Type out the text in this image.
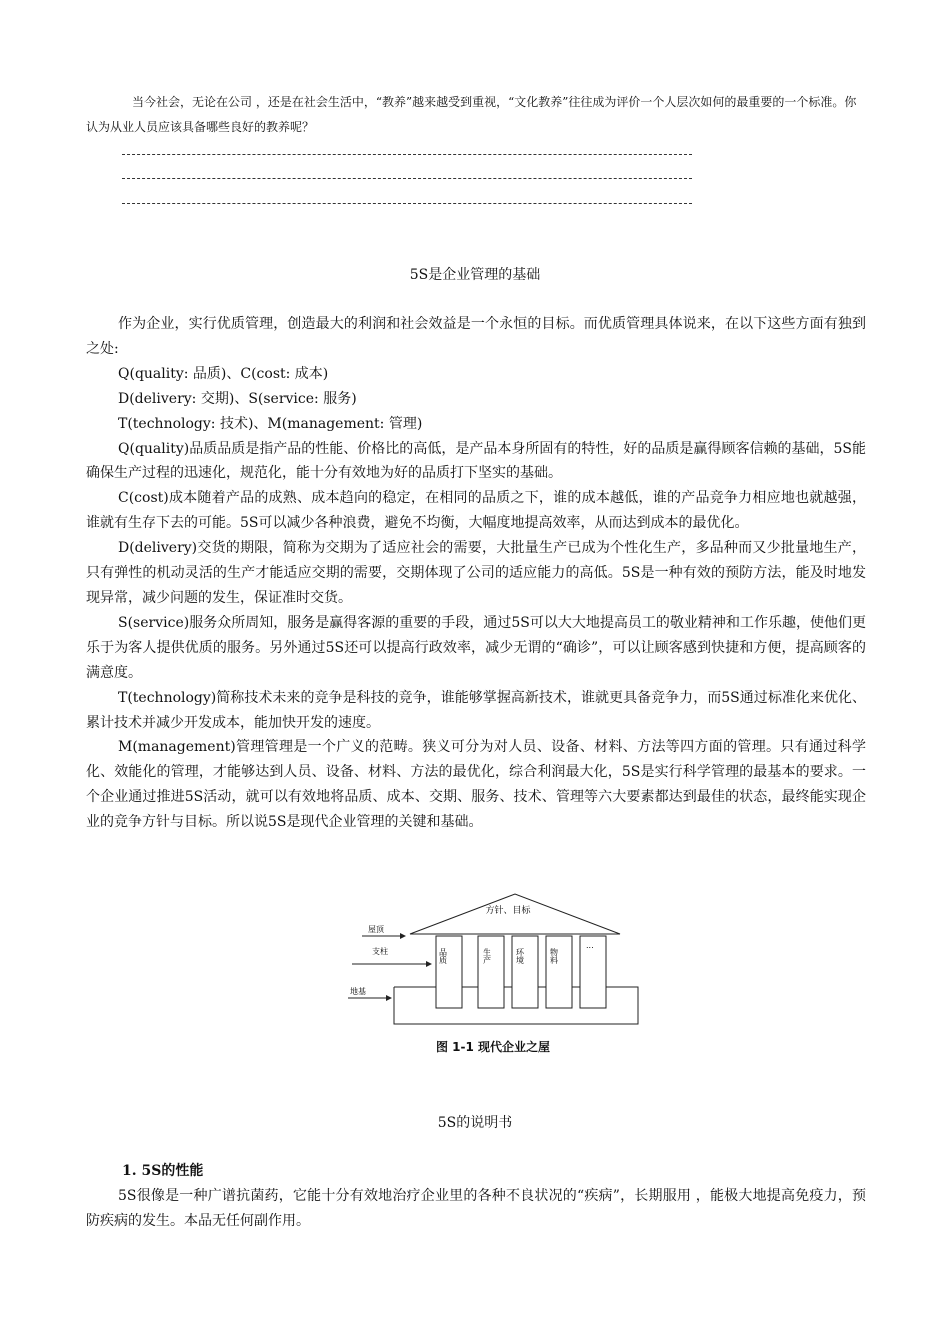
当今社会，无论在公司 ，还是在社会生活中，“教养”越来越受到重视，“文化教养”往往成为评价一个人层次如何的最重要的一个标准。你认为从业人员应该具备哪些良好的教养呢？

5S是企业管理的基础

作为企业，实行优质管理，创造最大的利润和社会效益是一个永恒的目标。而优质管理具体说来，在以下这些方面有独到之处:

Q(quality: 品质)、C(cost: 成本)

D(delivery: 交期)、S(service: 服务)

T(technology: 技术)、M(management: 管理)

Q(quality)品质品质是指产品的性能、价格比的高低，是产品本身所固有的特性，好的品质是赢得顾客信赖的基础，5S能确保生产过程的迅速化，规范化，能十分有效地为好的品质打下坚实的基础。

C(cost)成本随着产品的成熟、成本趋向的稳定，在相同的品质之下，谁的成本越低，谁的产品竞争力相应地也就越强，谁就有生存下去的可能。5S可以减少各种浪费，避免不均衡，大幅度地提高效率，从而达到成本的最优化。

D(delivery)交货的期限，简称为交期为了适应社会的需要，大批量生产已成为个性化生产，多品种而又少批量地生产，只有弹性的机动灵活的生产才能适应交期的需要，交期体现了公司的适应能力的高低。5S是一种有效的预防方法，能及时地发现异常，减少问题的发生，保证准时交货。

S(service)服务众所周知，服务是赢得客源的重要的手段，通过5S可以大大地提高员工的敬业精神和工作乐趣，使他们更乐于为客人提供优质的服务。另外通过5S还可以提高行政效率，减少无谓的“确诊”，可以让顾客感到快捷和方便，提高顾客的满意度。

T(technology)简称技术未来的竞争是科技的竞争，谁能够掌握高新技术，谁就更具备竞争力，而5S通过标准化来优化、累计技术并减少开发成本，能加快开发的速度。

M(management)管理管理是一个广义的范畴。狭义可分为对人员、设备、材料、方法等四方面的管理。只有通过科学化、效能化的管理，才能够达到人员、设备、材料、方法的最优化，综合利润最大化，5S是实行科学管理的最基本的要求。一个企业通过推进5S活动，就可以有效地将品质、成本、交期、服务、技术、管理等六大要素都达到最佳的状态，最终能实现企业的竞争方针与目标。所以说5S是现代企业管理的关键和基础。

方针、目标
品质	生产	环境	物料
...
屋顶
支柱
地基
图 1-1 现代企业之屋
5S的说明书
1. 5S的性能

5S很像是一种广谱抗菌药，它能十分有效地治疗企业里的各种不良状况的“疾病”，长期服用 ，能极大地提高免疫力，预防疾病的发生。本品无任何副作用。
